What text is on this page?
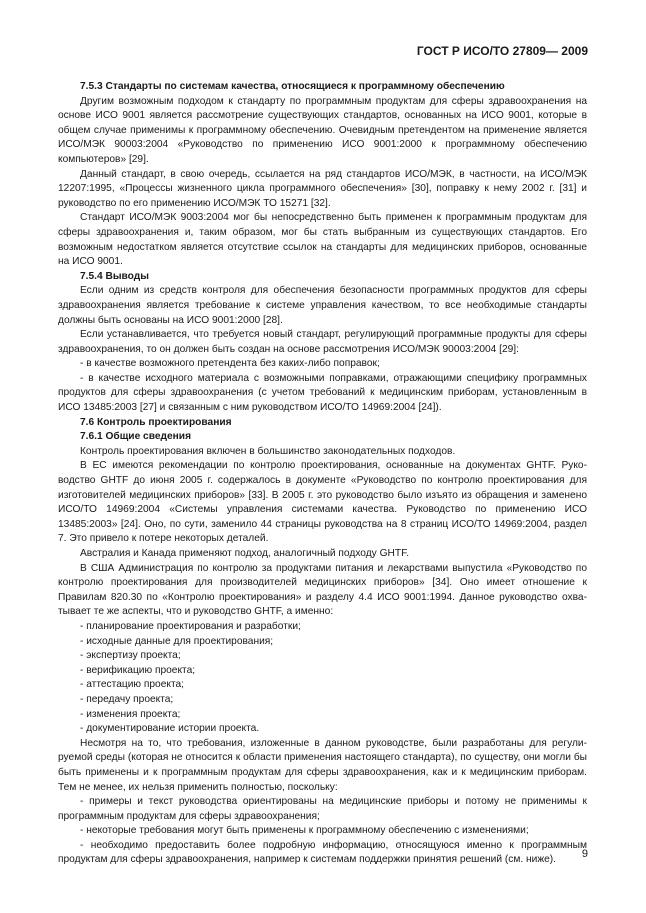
ГОСТ Р ИСО/ТО 27809— 2009

7.5.3 Стандарты по системам качества, относящиеся к программному обеспечению

Другим возможным подходом к стандарту по программным продуктам для сферы здравоохранения на основе ИСО 9001 является рассмотрение существующих стандартов, основанных на ИСО 9001, которые в общем случае применимы к программному обеспечению. Очевидным претендентом на применение является ИСО/МЭК 90003:2004 «Руководство по применению ИСО 9001:2000 к программному обеспечению компьютеров» [29].

Данный стандарт, в свою очередь, ссылается на ряд стандартов ИСО/МЭК, в частности, на ИСО/МЭК 12207:1995, «Процессы жизненного цикла программного обеспечения» [30], поправку к нему 2002 г. [31] и руководство по его применению ИСО/МЭК ТО 15271 [32].

Стандарт ИСО/МЭК 9003:2004 мог бы непосредственно быть применен к программным продуктам для сферы здравоохранения и, таким образом, мог бы стать выбранным из существующих стандартов. Его возможным недостатком является отсутствие ссылок на стандарты для медицинских приборов, основанные на ИСО 9001.

7.5.4 Выводы

Если одним из средств контроля для обеспечения безопасности программных продуктов для сферы здравоохранения является требование к системе управления качеством, то все необходимые стандарты должны быть основаны на ИСО 9001:2000 [28].

Если устанавливается, что требуется новый стандарт, регулирующий программные продукты для сферы здравоохранения, то он должен быть создан на основе рассмотрения ИСО/МЭК 90003:2004 [29]:

- в качестве возможного претендента без каких-либо поправок;

- в качестве исходного материала с возможными поправками, отражающими специфику программных продуктов для сферы здравоохранения (с учетом требований к медицинским приборам, установленным в ИСО 13485:2003 [27] и связанным с ним руководством ИСО/ТО 14969:2004 [24]).

7.6 Контроль проектирования

7.6.1 Общие сведения

Контроль проектирования включен в большинство законодательных подходов.

В ЕС имеются рекомендации по контролю проектирования, основанные на документах GHTF. Руководство GHTF до июня 2005 г. содержалось в документе «Руководство по контролю проектирования для изготовителей медицинских приборов» [33]. В 2005 г. это руководство было изъято из обращения и заменено ИСО/ТО 14969:2004 «Системы управления системами качества. Руководство по применению ИСО 13485:2003» [24]. Оно, по сути, заменило 44 страницы руководства на 8 страниц ИСО/ТО 14969:2004, раздел 7. Это привело к потере некоторых деталей.

Австралия и Канада применяют подход, аналогичный подходу GHTF.

В США Администрация по контролю за продуктами питания и лекарствами выпустила «Руководство по контролю проектирования для производителей медицинских приборов» [34]. Оно имеет отношение к Правилам 820.30 по «Контролю проектирования» и разделу 4.4 ИСО 9001:1994. Данное руководство охватывает те же аспекты, что и руководство GHTF, а именно:

- планирование проектирования и разработки;

- исходные данные для проектирования;

- экспертизу проекта;

- верификацию проекта;

- аттестацию проекта;

- передачу проекта;

- изменения проекта;

- документирование истории проекта.

Несмотря на то, что требования, изложенные в данном руководстве, были разработаны для регулируемой среды (которая не относится к области применения настоящего стандарта), по существу, они могли бы быть применены и к программным продуктам для сферы здравоохранения, как и к медицинским приборам. Тем не менее, их нельзя применить полностью, поскольку:

- примеры и текст руководства ориентированы на медицинские приборы и потому не применимы к программным продуктам для сферы здравоохранения;

- некоторые требования могут быть применены к программному обеспечению с изменениями;

- необходимо предоставить более подробную информацию, относящуюся именно к программным продуктам для сферы здравоохранения, например к системам поддержки принятия решений (см. ниже).	9
